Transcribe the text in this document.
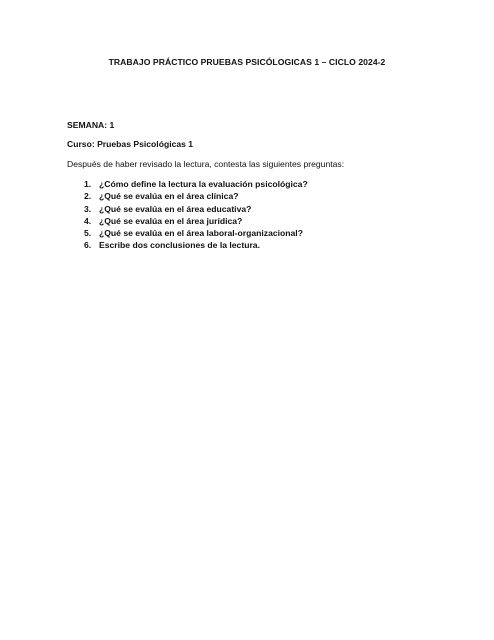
TRABAJO PRÁCTICO PRUEBAS PSICÓLOGICAS 1 – CICLO 2024-2
SEMANA: 1
Curso: Pruebas Psicológicas 1
Después de haber revisado la lectura, contesta las siguientes preguntas:
1. ¿Cómo define la lectura la evaluación psicológica?
2. ¿Qué se evalúa en el área clínica?
3. ¿Qué se evalúa en el área educativa?
4. ¿Qué se evalúa en el área jurídica?
5. ¿Qué se evalúa en el área laboral-organizacional?
6. Escribe dos conclusiones de la lectura.
